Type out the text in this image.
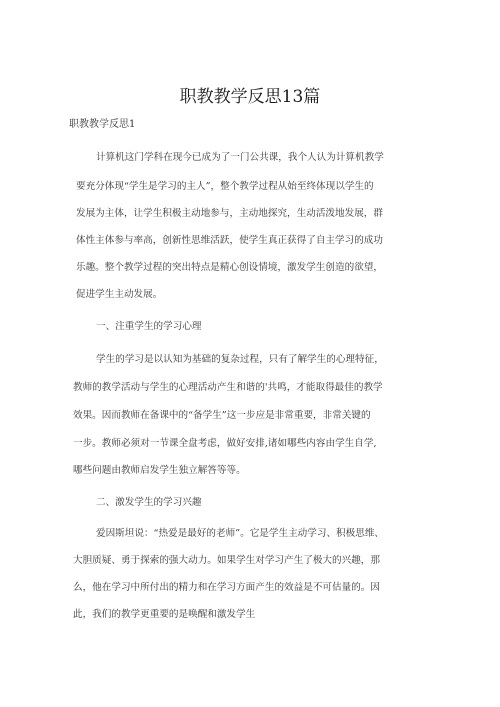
职教教学反思13篇
职教教学反思1
计算机这门学科在现今已成为了一门公共课，我个人认为计算机教学
要充分体现“学生是学习的主人”，整个教学过程从始至终体现以学生的
发展为主体，让学生积极主动地参与，主动地探究，生动活泼地发展，群
体性主体参与率高，创新性思维活跃，使学生真正获得了自主学习的成功
乐趣。整个教学过程的突出特点是精心创设情境，激发学生创造的欲望，
促进学生主动发展。
一、注重学生的学习心理
学生的学习是以认知为基础的复杂过程，只有了解学生的心理特征，
教师的教学活动与学生的心理活动产生和谐的'共鸣，才能取得最佳的教学
效果。因而教师在备课中的“备学生”这一步应是非常重要，非常关键的
一步。教师必须对一节课全盘考虑，做好安排,诸如哪些内容由学生自学,
哪些问题由教师启发学生独立解答等等。
二、激发学生的学习兴趣
爱因斯坦说：“热爱是最好的老师”。它是学生主动学习、积极思维、
大胆质疑、勇于探索的强大动力。如果学生对学习产生了极大的兴趣，那
么，他在学习中所付出的精力和在学习方面产生的效益是不可估量的。因
此，我们的教学更重要的是唤醒和激发学生
